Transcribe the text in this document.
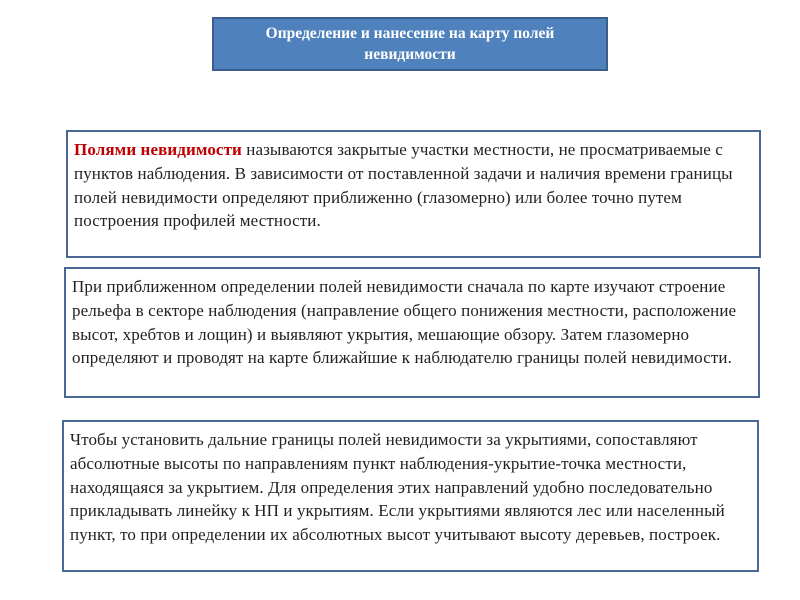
Определение и нанесение на карту полей невидимости
Полями невидимости называются закрытые участки местности, не просматриваемые с пунктов наблюдения. В зависимости от поставленной задачи и наличия времени границы полей невидимости определяют приближенно (глазомерно) или более точно путем построения профилей местности.
При приближенном определении полей невидимости сначала по карте изучают строение рельефа в секторе наблюдения (направление общего понижения местности, расположение высот, хребтов и лощин) и выявляют укрытия, мешающие обзору. Затем глазомерно определяют и проводят на карте ближайшие к наблюдателю границы полей невидимости.
Чтобы установить дальние границы полей невидимости за укрытиями, сопоставляют абсолютные высоты по направлениям пункт наблюдения-укрытие-точка местности, находящаяся за укрытием. Для определения этих направлений удобно последовательно прикладывать линейку к НП и укрытиям. Если укрытиями являются лес или населенный пункт, то при определении их абсолютных высот учитывают высоту деревьев, построек.
